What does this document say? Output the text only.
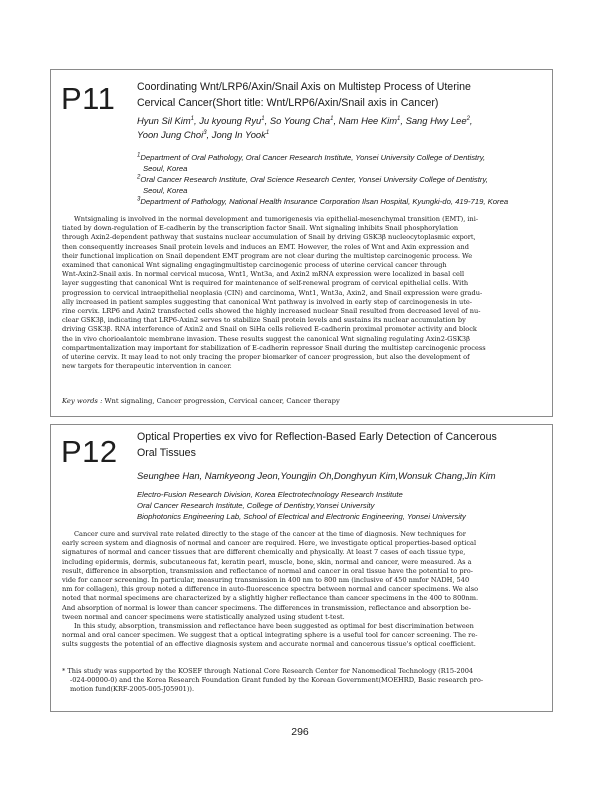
P11 Coordinating Wnt/LRP6/Axin/Snail Axis on Multistep Process of Uterine
Cervical Cancer(Short title: Wnt/LRP6/Axin/Snail axis in Cancer)
Hyun Sil Kim$^1$, Ju kyoung Ryu$^1$, So Young Cha$^1$, Nam Hee Kim$^1$, Sang Hwy Lee$^2$,
Yoon Jung Choi$^3$, Jong In Yook$^1$
$^1$Department of Oral Pathology, Oral Cancer Research Institute, Yonsei University College of Dentistry,
Seoul, Korea
$^2$Oral Cancer Research Institute, Oral Science Research Center, Yonsei University College of Dentistry,
Seoul, Korea
$^3$Department of Pathology, National Health Insurance Corporation Ilsan Hospital, Kyungki-do, 419-719, Korea
Wntsignaling is involved in the normal development and tumorigenesis via epithelial-mesenchymal transition (EMT), ini-
tiated by down-regulation of E-cadherin by the transcription factor Snail. Wnt signaling inhibits Snail phosphorylation
through Axin2-dependent pathway that sustains nuclear accumulation of Snail by driving GSK3β nucleocytoplasmic export,
then consequently increases Snail protein levels and induces an EMT. However, the roles of Wnt and Axin expression and
their functional implication on Snail dependent EMT program are not clear during the multistep carcinogenic process. We
examined that canonical Wnt signaling engagingmultistep carcinogenic process of uterine cervical cancer through
Wnt-Axin2-Snail axis. In normal cervical mucosa, Wnt1, Wnt3a, and Axin2 mRNA expression were localized in basal cell
layer suggesting that canonical Wnt is required for maintenance of self-renewal program of cervical epithelial cells. With
progression to cervical intraepithelial neoplasia (CIN) and carcinoma, Wnt1, Wnt3a, Axin2, and Snail expression were gradu-
ally increased in patient samples suggesting that canonical Wnt pathway is involved in early step of carcinogenesis in ute-
rine cervix. LRP6 and Axin2 transfected cells showed the highly increased nuclear Snail resulted from decreased level of nu-
clear GSK3β, indicating that LRP6-Axin2 serves to stabilize Snail protein levels and sustains its nuclear accumulation by
driving GSK3β. RNA interference of Axin2 and Snail on SiHa cells relieved E-cadherin proximal promoter activity and block
the in vivo chorioalantoic membrane invasion. These results suggest the canonical Wnt signaling regulating Axin2-GSK3β
compartmentalization may important for stabilization of E-cadherin repressor Snail during the multistep carcinogenic process
of uterine cervix. It may lead to not only tracing the proper biomarker of cancer progression, but also the development of
new targets for therapeutic intervention in cancer.
Key words : Wnt signaling, Cancer progression, Cervical cancer, Cancer therapy
P12 Optical Properties ex vivo for Reflection-Based Early Detection of Cancerous
Oral Tissues
Seunghee Han, Namkyeong Jeon,Youngjin Oh,Donghyun Kim,Wonsuk Chang,Jin Kim
Electro-Fusion Research Division, Korea Electrotechnology Research Institute
Oral Cancer Research Institute, College of Dentistry,Yonsei University
Biophotonics Engineering Lab, School of Electrical and Electronic Engineering, Yonsei University
Cancer cure and survival rate related directly to the stage of the cancer at the time of diagnosis. New techniques for
early screen system and diagnosis of normal and cancer are required. Here, we investigate optical properties-based optical
signatures of normal and cancer tissues that are different chemically and physically. At least 7 cases of each tissue type,
including epidermis, dermis, subcutaneous fat, keratin pearl, muscle, bone, skin, normal and cancer, were measured. As a
result, difference in absorption, transmission and reflectance of normal and cancer in oral tissue have the potential to pro-
vide for cancer screening. In particular, measuring transmission in 400 nm to 800 nm (inclusive of 450 nmfor NADH, 540
nm for collagen), this group noted a difference in auto-fluorescence spectra between normal and cancer specimens. We also
noted that normal specimens are characterized by a slightly higher reflectance than cancer specimens in the 400 to 800nm.
And absorption of normal is lower than cancer specimens. The differences in transmission, reflectance and absorption be-
tween normal and cancer specimens were statistically analyzed using student t-test.
In this study, absorption, transmission and reflectance have been suggested as optimal for best discrimination between
normal and oral cancer specimen. We suggest that a optical integrating sphere is a useful tool for cancer screening. The re-
sults suggests the potential of an effective diagnosis system and accurate normal and cancerous tissue's optical coefficient.
* This study was supported by the KOSEF through National Core Research Center for Nanomedical Technology (R15-2004
-024-00000-0) and the Korea Research Foundation Grant funded by the Korean Government(MOEHRD, Basic research pro-
motion fund(KRF-2005-005-J05901)).
296
